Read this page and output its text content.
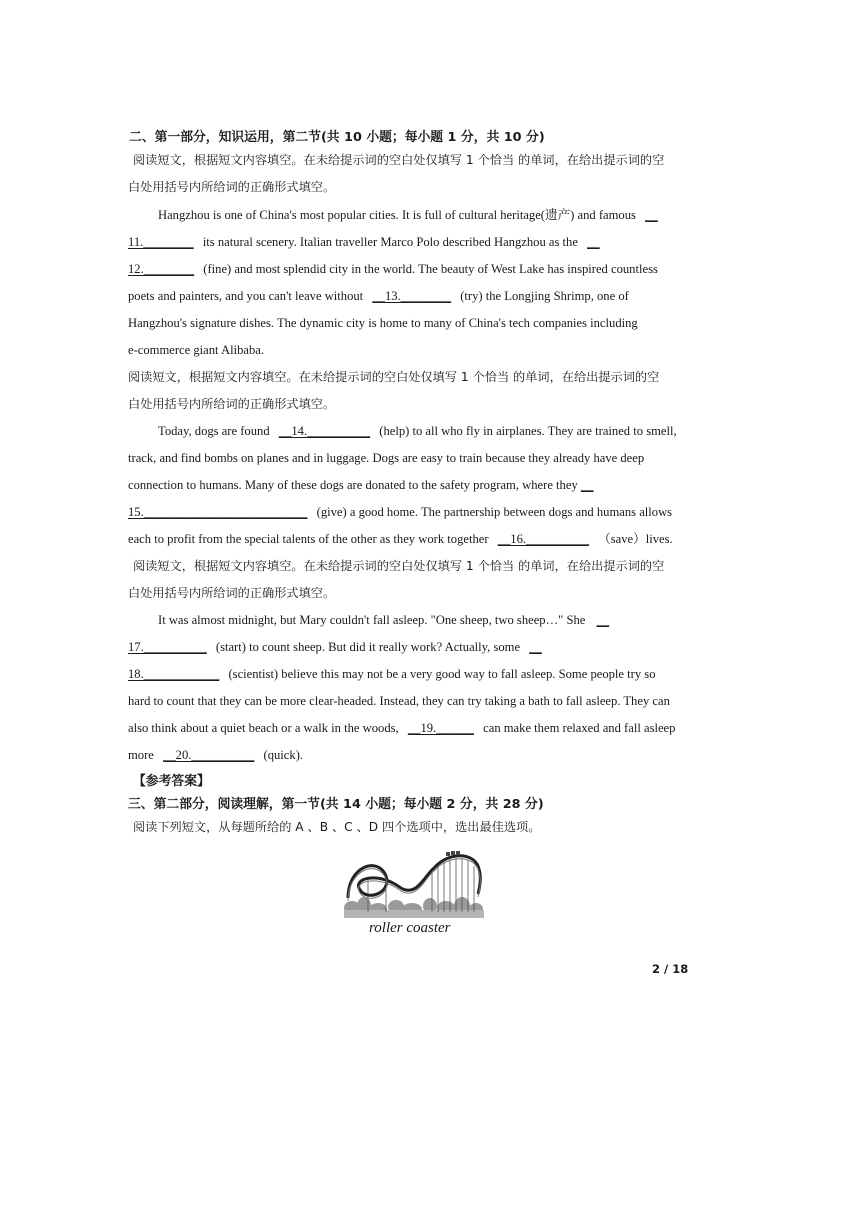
二、第一部分，知识运用，第二节(共 10 小题；每小题 1 分，共 10 分)
阅读短文，根据短文内容填空。在未给提示词的空白处仅填写 1 个恰当 的单词，在给出提示词的空
白处用括号内所给词的正确形式填空。
Hangzhou is one of China's most popular cities. It is full of cultural heritage(遗产) and famous __
11.________ its natural scenery. Italian traveller Marco Polo described Hangzhou as the __
12.________ (fine) and most splendid city in the world. The beauty of West Lake has inspired countless
poets and painters, and you can't leave without __13.________ (try) the Longjing Shrimp, one of
Hangzhou's signature dishes. The dynamic city is home to many of China's tech companies including
e-commerce giant Alibaba.
阅读短文，根据短文内容填空。在未给提示词的空白处仅填写 1 个恰当 的单词，在给出提示词的空
白处用括号内所给词的正确形式填空。
Today, dogs are found __14.__________ (help) to all who fly in airplanes. They are trained to smell,
track, and find bombs on planes and in luggage. Dogs are easy to train because they already have deep
connection to humans. Many of these dogs are donated to the safety program, where they __
15.__________________________ (give) a good home. The partnership between dogs and humans allows
each to profit from the special talents of the other as they work together __16.__________ （save）lives.
阅读短文，根据短文内容填空。在未给提示词的空白处仅填写 1 个恰当 的单词，在给出提示词的空
白处用括号内所给词的正确形式填空。
It was almost midnight, but Mary couldn't fall asleep. "One sheep, two sheep…" She __
17.__________ (start) to count sheep. But did it really work? Actually, some __
18.____________ (scientist) believe this may not be a very good way to fall asleep. Some people try so
hard to count that they can be more clear-headed. Instead, they can try taking a bath to fall asleep. They can
also think about a quiet beach or a walk in the woods, __19.______ can make them relaxed and fall asleep
more __20.__________ (quick).
【参考答案】
三、第二部分，阅读理解，第一节(共 14 小题；每小题 2 分，共 28 分)
阅读下列短文，从每题所给的 A 、B 、C 、D 四个选项中，选出最佳选项。
roller coaster
2 / 18
